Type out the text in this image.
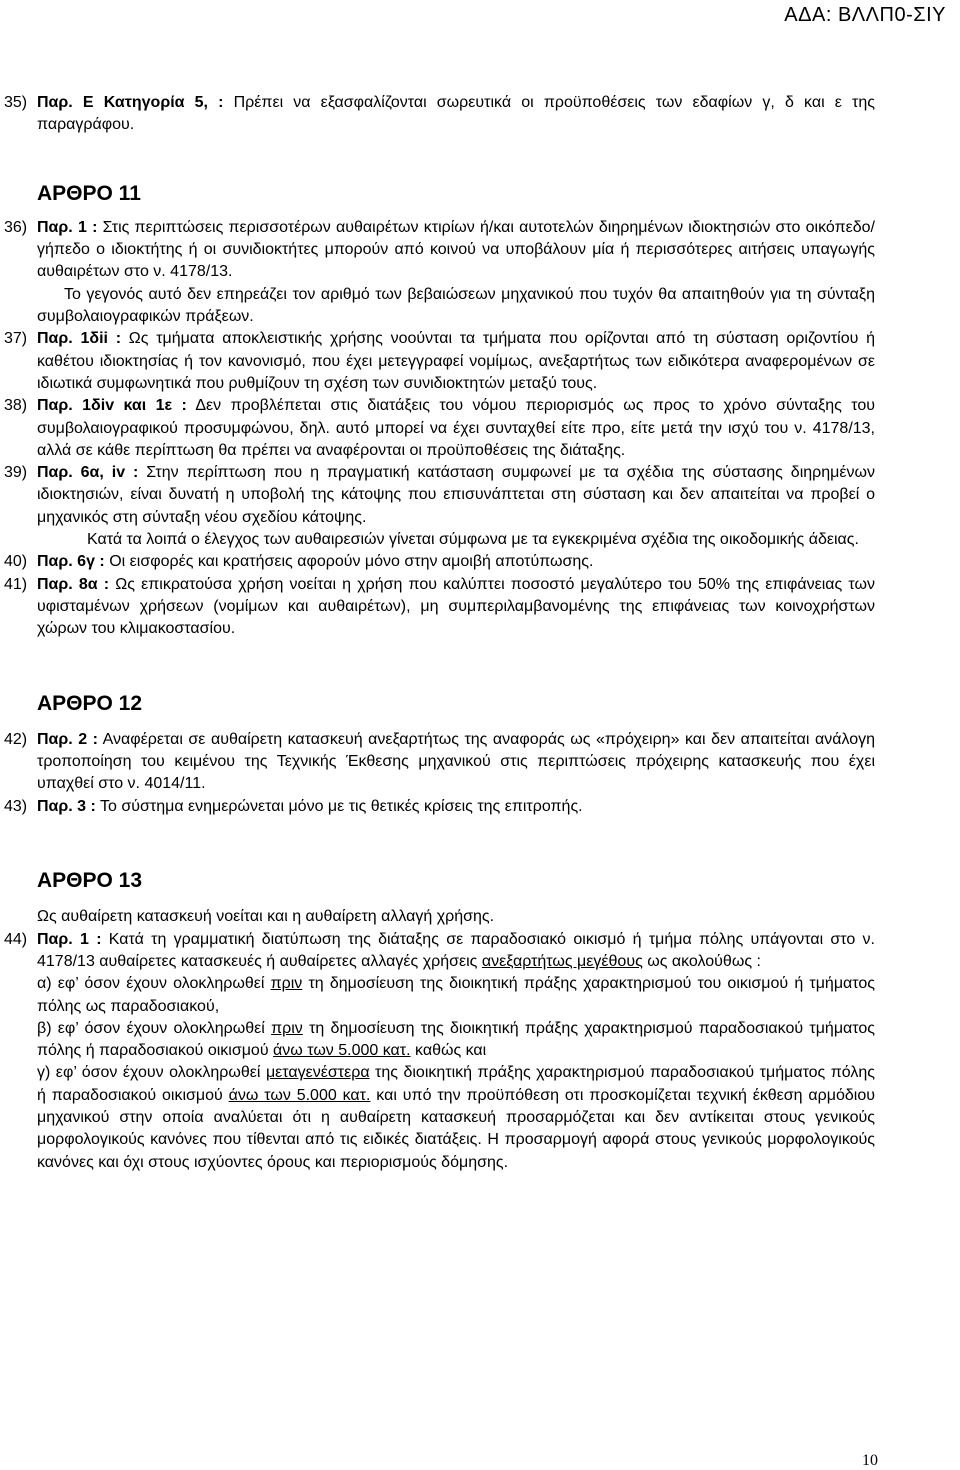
ΑΔΑ: ΒΛΛΠ0-ΣΙΥ

35) Παρ. Ε Κατηγορία 5, : Πρέπει να εξασφαλίζονται σωρευτικά οι προϋποθέσεις των εδαφίων γ, δ και ε της παραγράφου.

ΑΡΘΡΟ 11

36) Παρ. 1 : Στις περιπτώσεις περισσοτέρων αυθαιρέτων κτιρίων ή/και αυτοτελών διηρημένων ιδιοκτησιών στο οικόπεδο/γήπεδο ο ιδιοκτήτης ή οι συνιδιοκτήτες μπορούν από κοινού να υποβάλουν μία ή περισσότερες αιτήσεις υπαγωγής αυθαιρέτων στο ν. 4178/13.

Το γεγονός αυτό δεν επηρεάζει τον αριθμό των βεβαιώσεων μηχανικού που τυχόν θα απαιτηθούν για τη σύνταξη συμβολαιογραφικών πράξεων.

37) Παρ. 1δii : Ως τμήματα αποκλειστικής χρήσης νοούνται τα τμήματα που ορίζονται από τη σύσταση οριζοντίου ή καθέτου ιδιοκτησίας ή τον κανονισμό, που έχει μετεγγραφεί νομίμως, ανεξαρτήτως των ειδικότερα αναφερομένων σε ιδιωτικά συμφωνητικά που ρυθμίζουν τη σχέση των συνιδιοκτητών μεταξύ τους.

38) Παρ. 1δiv και 1ε : Δεν προβλέπεται στις διατάξεις του νόμου περιορισμός ως προς το χρόνο σύνταξης του συμβολαιογραφικού προσυμφώνου, δηλ. αυτό μπορεί να έχει συνταχθεί είτε προ, είτε μετά την ισχύ του ν. 4178/13, αλλά σε κάθε περίπτωση θα πρέπει να αναφέρονται οι προϋποθέσεις της διάταξης.

39) Παρ. 6α, iv : Στην περίπτωση που η πραγματική κατάσταση συμφωνεί με τα σχέδια της σύστασης διηρημένων ιδιοκτησιών, είναι δυνατή η υποβολή της κάτοψης που επισυνάπτεται στη σύσταση και δεν απαιτείται να προβεί ο μηχανικός στη σύνταξη νέου σχεδίου κάτοψης.

Κατά τα λοιπά ο έλεγχος των αυθαιρεσιών γίνεται σύμφωνα με τα εγκεκριμένα σχέδια της οικοδομικής άδειας.

40) Παρ. 6γ : Οι εισφορές και κρατήσεις αφορούν μόνο στην αμοιβή αποτύπωσης.

41) Παρ. 8α : Ως επικρατούσα χρήση νοείται η χρήση που καλύπτει ποσοστό μεγαλύτερο του 50% της επιφάνειας των υφισταμένων χρήσεων (νομίμων και αυθαιρέτων), μη συμπεριλαμβανομένης της επιφάνειας των κοινοχρήστων χώρων του κλιμακοστασίου.

ΑΡΘΡΟ 12

42) Παρ. 2 : Αναφέρεται σε αυθαίρετη κατασκευή ανεξαρτήτως της αναφοράς ως «πρόχειρη» και δεν απαιτείται ανάλογη τροποποίηση του κειμένου της Τεχνικής Έκθεσης μηχανικού στις περιπτώσεις πρόχειρης κατασκευής που έχει υπαχθεί στο ν. 4014/11.

43) Παρ. 3 : Το σύστημα ενημερώνεται μόνο με τις θετικές κρίσεις της επιτροπής.

ΑΡΘΡΟ 13

Ως αυθαίρετη κατασκευή νοείται και η αυθαίρετη αλλαγή χρήσης.

44) Παρ. 1 : Κατά τη γραμματική διατύπωση της διάταξης σε παραδοσιακό οικισμό ή τμήμα πόλης υπάγονται στο ν. 4178/13 αυθαίρετες κατασκευές ή αυθαίρετες αλλαγές χρήσεις ανεξαρτήτως μεγέθους ως ακολούθως :

α) εφ’ όσον έχουν ολοκληρωθεί πριν τη δημοσίευση της διοικητική πράξης χαρακτηρισμού του οικισμού ή τμήματος πόλης ως παραδοσιακού,

β) εφ’ όσον έχουν ολοκληρωθεί πριν τη δημοσίευση της διοικητική πράξης χαρακτηρισμού παραδοσιακού τμήματος πόλης ή παραδοσιακού οικισμού άνω των 5.000 κατ. καθώς και

γ) εφ’ όσον έχουν ολοκληρωθεί μεταγενέστερα της διοικητική πράξης χαρακτηρισμού παραδοσιακού τμήματος πόλης ή παραδοσιακού οικισμού άνω των 5.000 κατ. και υπό την προϋπόθεση οτι προσκομίζεται τεχνική έκθεση αρμόδιου μηχανικού στην οποία αναλύεται ότι η αυθαίρετη κατασκευή προσαρμόζεται και δεν αντίκειται στους γενικούς μορφολογικούς κανόνες που τίθενται από τις ειδικές διατάξεις. Η προσαρμογή αφορά στους γενικούς μορφολογικούς κανόνες και όχι στους ισχύοντες όρους και περιορισμούς δόμησης.

10
